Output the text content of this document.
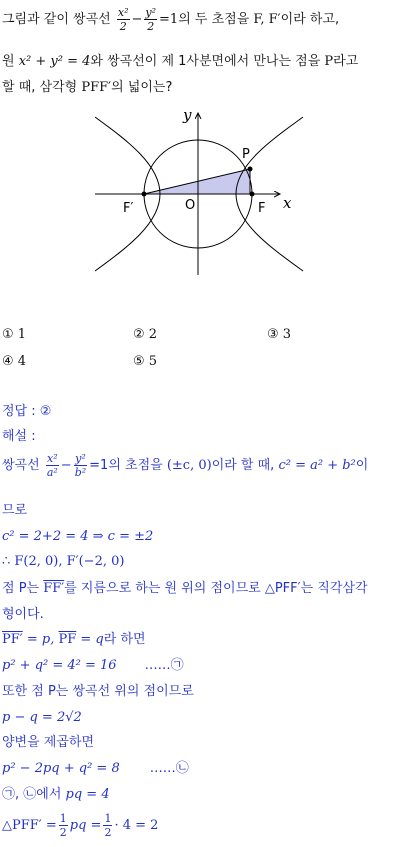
그림과 같이 쌍곡선 $\frac{\text{x²}}{2} - \frac{\text{y²}}{2} =1$의 두 초점을 F, F′이라 하고,
원 x² + y² = 4와 쌍곡선이 제 1사분면에서 만나는 점을 P라고
할 때, 삼각형 PFF′의 넓이는?
y
x
P
O	F
F′
① 1	② 2	③ 3
④ 4	⑤ 5
정답 : ②
해설 :
쌍곡선 $\frac{\text{x²}}{\text{a²}} - \frac{\text{y²}}{\text{b²}} =1$의 초점을 (±c, 0)이라 할 때, c² = a² + b²이
므로
c² = 2+2 = 4 ⇒ c = ±2
∴ F(2, 0), F′(−2, 0)
점 P는 FF′를 지름으로 하는 원 위의 점이므로 △PFF′는 직각삼각
형이다.
PF′ = p, $\overline{PF} = q$라 하면
p² + q² = 4² = 16 ……㉠
또한 점 P는 쌍곡선 위의 점이므로
p − q = 2√2
양변을 제곱하면
p² − 2pq + q² = 8 ……㉡
㉠, ㉡에서 pq = 4
△PFF′ = $\frac{1}{2}$ pq = $\frac{1}{2} \cdot 4 = 2$
